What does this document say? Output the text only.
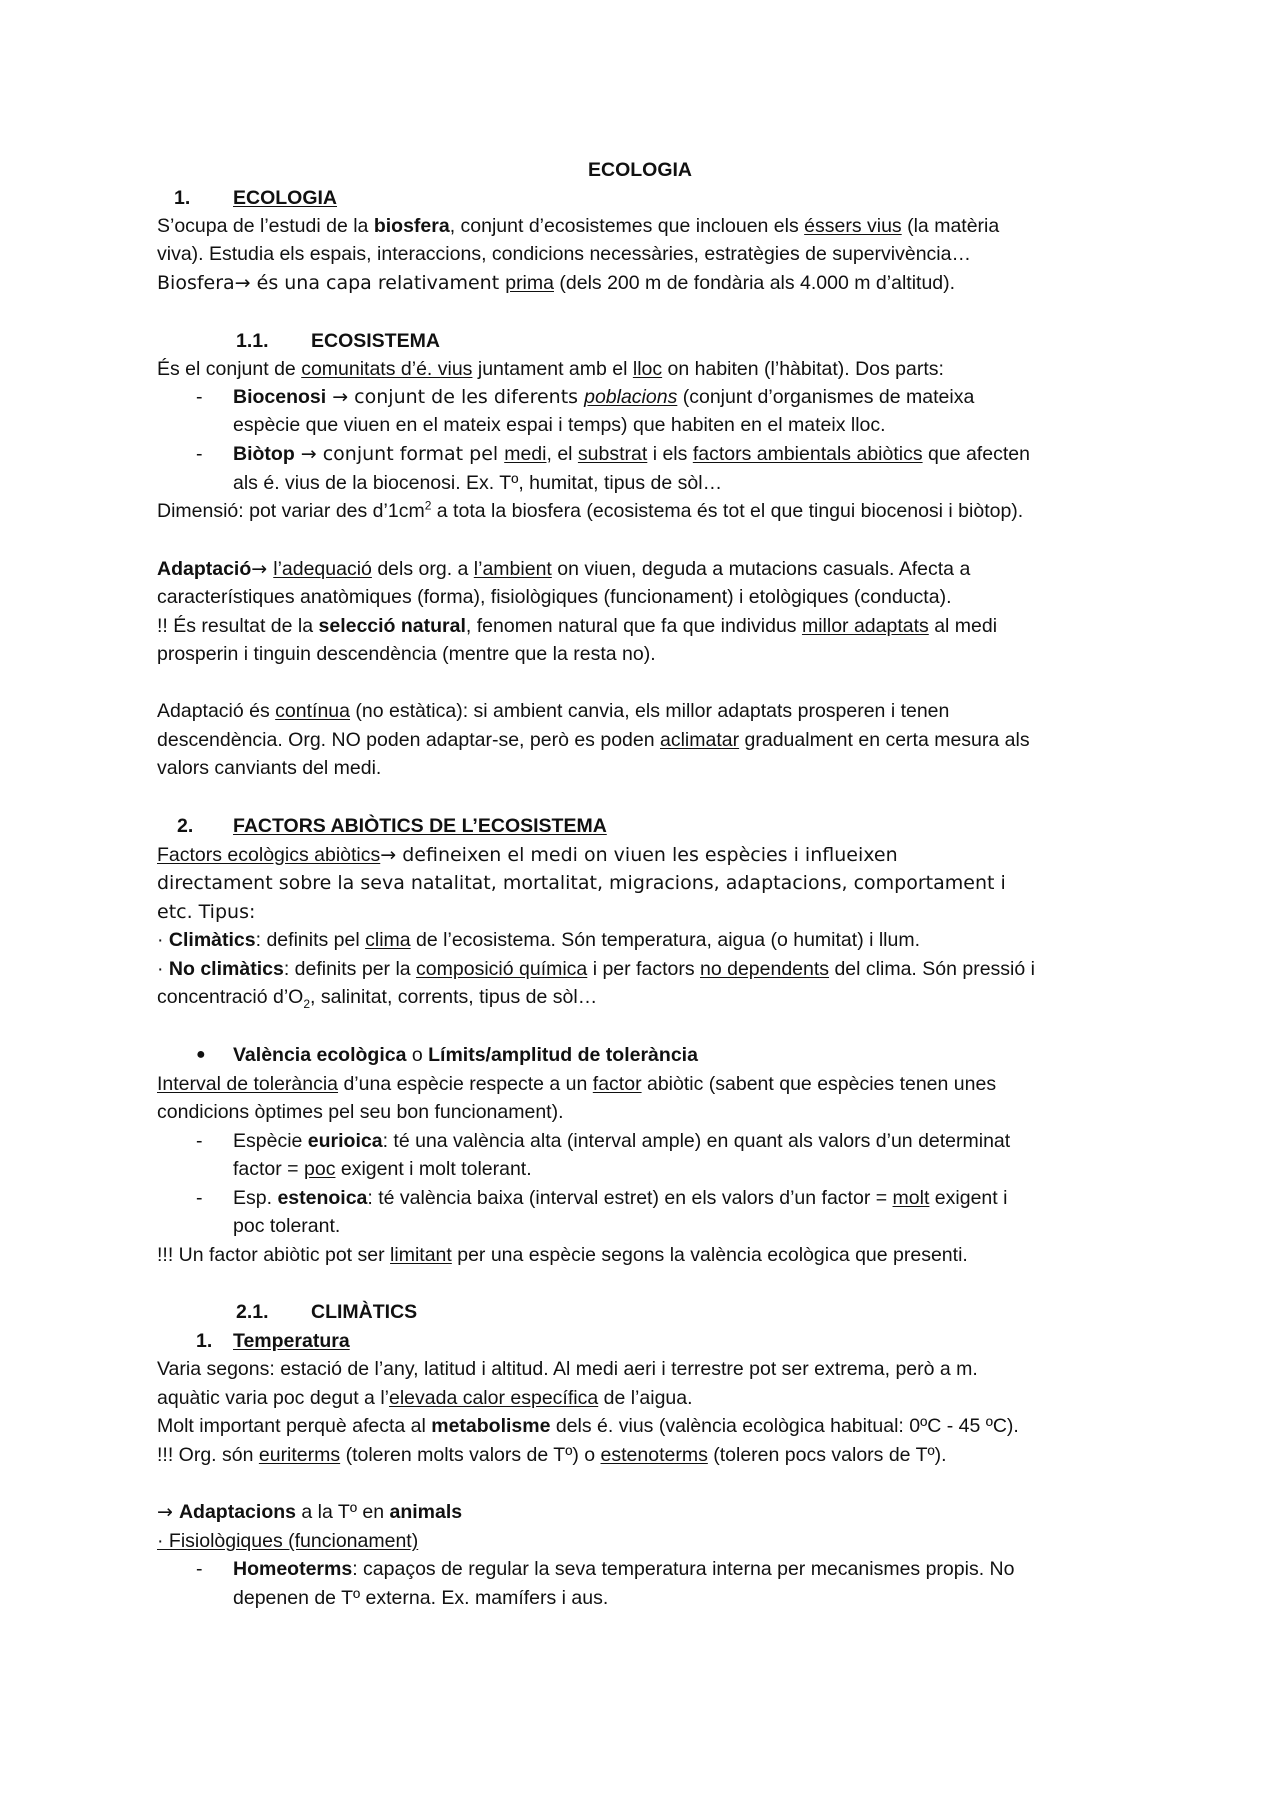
ECOLOGIA
1. ECOLOGIA
S’ocupa de l’estudi de la biosfera, conjunt d’ecosistemes que inclouen els éssers vius (la matèria
viva). Estudia els espais, interaccions, condicions necessàries, estratègies de supervivència…
Biosfera→ és una capa relativament prima (dels 200 m de fondària als 4.000 m d’altitud).
1.1. ECOSISTEMA
És el conjunt de comunitats d’é. vius juntament amb el lloc on habiten (l’hàbitat). Dos parts:
- Biocenosi → conjunt de les diferents poblacions (conjunt d’organismes de mateixa
espècie que viuen en el mateix espai i temps) que habiten en el mateix lloc.
- Biòtop → conjunt format pel medi, el substrat i els factors ambientals abiòtics que afecten
als é. vius de la biocenosi. Ex. Tº, humitat, tipus de sòl…
Dimensió: pot variar des $d’1cm^2$ a tota la biosfera (ecosistema és tot el que tingui biocenosi i biòtop).
Adaptació→ l’adequació dels org. a l’ambient on viuen, deguda a mutacions casuals. Afecta a
característiques anatòmiques (forma), fisiològiques (funcionament) i etològiques (conducta).
!! És resultat de la selecció natural, fenomen natural que fa que individus millor adaptats al medi
prosperin i tinguin descendència (mentre que la resta no).
Adaptació és contínua (no estàtica): si ambient canvia, els millor adaptats prosperen i tenen
descendència. Org. NO poden adaptar-se, però es poden aclimatar gradualment en certa mesura als
valors canviants del medi.
2. FACTORS ABIÒTICS DE L’ECOSISTEMA
Factors ecològics abiòtics→ defineixen el medi on viuen les espècies i influeixen
directament sobre la seva natalitat, mortalitat, migracions, adaptacions, comportament i
etc. Tipus:
· Climàtics: definits pel clima de l’ecosistema. Són temperatura, aigua (o humitat) i llum.
· No climàtics: definits per la composició química i per factors no dependents del clima. Són pressió i
concentració $d’O_2$, salinitat, corrents, tipus de sòl…
● València ecològica o Límits/amplitud de tolerància
Interval de tolerància d’una espècie respecte a un factor abiòtic (sabent que espècies tenen unes
condicions òptimes pel seu bon funcionament).
- Espècie eurioica: té una valència alta (interval ample) en quant als valors d’un determinat
factor = poc exigent i molt tolerant.
- Esp. estenoica: té valència baixa (interval estret) en els valors d’un factor = molt exigent i
poc tolerant.
!!! Un factor abiòtic pot ser limitant per una espècie segons la valència ecològica que presenti.
2.1. CLIMÀTICS
1. Temperatura
Varia segons: estació de l’any, latitud i altitud. Al medi aeri i terrestre pot ser extrema, però a m.
aquàtic varia poc degut a l’elevada calor específica de l’aigua.
Molt important perquè afecta al metabolisme dels é. vius (valència ecològica habitual: 0ºC - 45 ºC).
!!! Org. són euriterms (toleren molts valors de Tº) o estenoterms (toleren pocs valors de Tº).
→ Adaptacions a la Tº en animals
· Fisiològiques (funcionament)
- Homeoterms: capaços de regular la seva temperatura interna per mecanismes propis. No
depenen de Tº externa. Ex. mamífers i aus.
